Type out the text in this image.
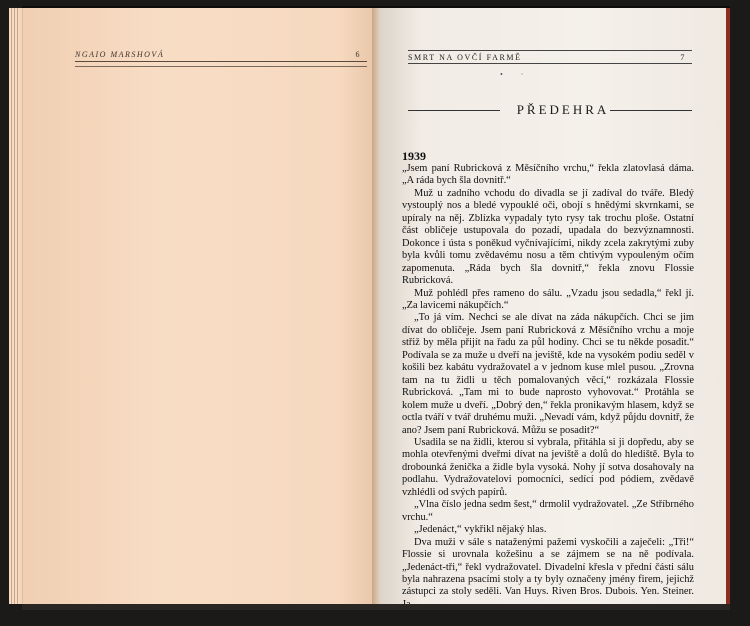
NGAIO MARSHOVÁ	6	SMRT NA OVČÍ FARMĚ	7
•         ·
PŘEDEHRA
1939

„Jsem paní Rubricková z Měsíčního vrchu,“ řekla zlatovlasá dáma. „A ráda bych šla dovnitř.“

Muž u zadního vchodu do divadla se jí zadíval do tváře. Bledý vystouplý nos a bledé vypouklé oči, obojí s hnědými skvrnkami, se upíraly na něj. Zblízka vypadaly tyto rysy tak trochu ploše. Ostatní část obličeje ustupovala do pozadí, upadala do bezvýznamnosti. Dokonce i ústa s poněkud vyčnívajícími, nikdy zcela zakrytými zuby byla kvůli tomu zvědavému nosu a těm chtivým vypouleným očím zapomenuta. „Ráda bych šla dovnitř,“ řekla znovu Flossie Rubricková.

Muž pohlédl přes rameno do sálu. „Vzadu jsou sedadla,“ řekl jí. „Za lavicemi nákupčích.“

„To já vím. Nechci se ale dívat na záda nákupčích. Chci se jim dívat do obličeje. Jsem paní Rubricková z Měsíčního vrchu a moje střiž by měla přijít na řadu za půl hodiny. Chci se tu někde posadit.“ Podívala se za muže u dveří na jeviště, kde na vysokém podiu seděl v košili bez kabátu vydražovatel a v jednom kuse mlel pusou. „Zrovna tam na tu židli u těch pomalovaných věcí,“ rozkázala Flossie Rubricková. „Tam mi to bude naprosto vyhovovat.“ Protáhla se kolem muže u dveří. „Dobrý den,“ řekla pronikavým hlasem, když se octla tváří v tvář druhému muži. „Nevadí vám, když půjdu dovnitř, že ano? Jsem paní Rubricková. Můžu se posadit?“

Usadila se na židli, kterou si vybrala, přitáhla si ji dopředu, aby se mohla otevřenými dveřmi dívat na jeviště a dolů do hlediště. Byla to drobounká ženička a židle byla vysoká. Nohy jí sotva dosahovaly na podlahu. Vydražovatelovi pomocníci, sedící pod pódiem, zvědavě vzhlédli od svých papírů.

„Vlna číslo jedna sedm šest,“ drmolil vydražovatel. „Ze Stříbrného vrchu.“

„Jedenáct,“ vykřikl nějaký hlas.

Dva muži v sále s nataženými pažemi vyskočili a zaječeli: „Tři!“ Flossie si urovnala kožešinu a se zájmem se na ně podívala. „Jedenáct-tři,“ řekl vydražovatel. Divadelní křesla v přední části sálu byla nahrazena psacími stoly a ty byly označeny jmény firem, jejichž zástupci za stoly seděli. Van Huys. Riven Bros. Dubois. Yen. Steiner.
